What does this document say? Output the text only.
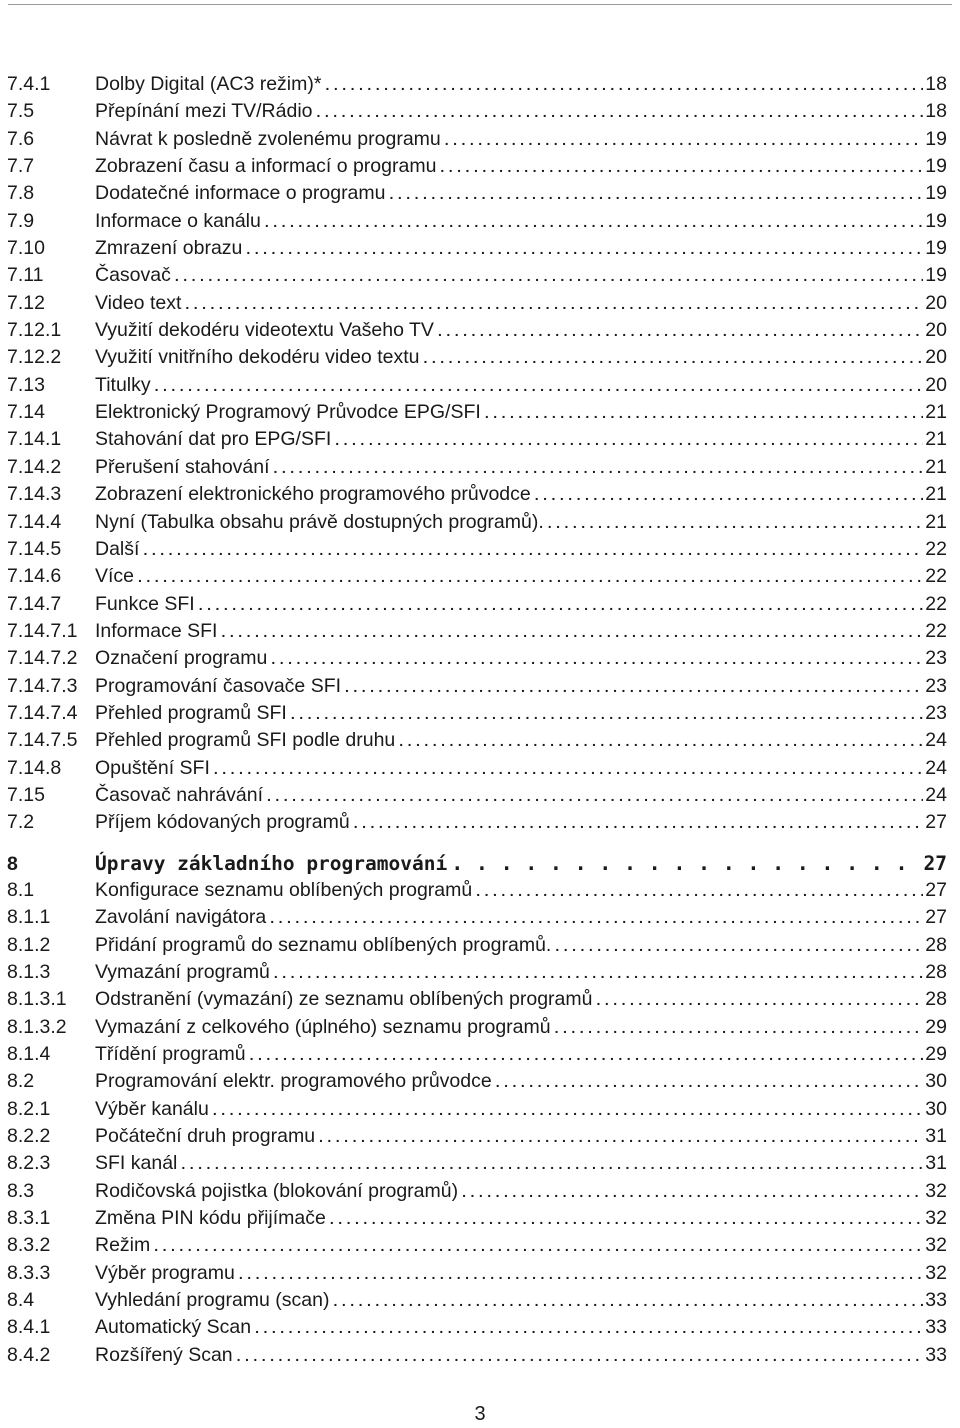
7.4.1	Dolby Digital (AC3 režim)* . . .	18
7.5	Přepínání mezi TV/Rádio . . .	18
7.6	Návrat k posledně zvolenému programu . . .	19
7.7	Zobrazení času a informací o programu . . .	19
7.8	Dodatečné informace o programu . . .	19
7.9	Informace o kanálu . . .	19
7.10	Zmrazení obrazu . . .	19
7.11	Časovač . . .	19
7.12	Video text . . .	20
7.12.1	Využití dekodéru videotextu Vašeho TV . . .	20
7.12.2	Využití vnitřního dekodéru video textu . . .	20
7.13	Titulky . . .	20
7.14	Elektronický Programový Průvodce EPG/SFI . . .	21
7.14.1	Stahování dat pro EPG/SFI . . .	21
7.14.2	Přerušení stahování . . .	21
7.14.3	Zobrazení elektronického programového průvodce . . .	21
7.14.4	Nyní (Tabulka obsahu právě dostupných programů). . . .	21
7.14.5	Další . . .	22
7.14.6	Více . . .	22
7.14.7	Funkce SFI . . .	22
7.14.7.1 Informace SFI . . .	22
7.14.7.2 Označení programu . . .	23
7.14.7.3 Programování časovače SFI . . .	23
7.14.7.4 Přehled programů SFI . . .	23
7.14.7.5 Přehled programů SFI podle druhu . . .	24
7.14.8	Opuštění SFI . . .	24
7.15	Časovač nahrávání . . .	24
7.2	Příjem kódovaných programů . . .	27
8	Úpravy základního programování . . .	27
8.1	Konfigurace seznamu oblíbených programů . . .	27
8.1.1	Zavolání navigátora . . .	27
8.1.2	Přidání programů do seznamu oblíbených programů. . . .	28
8.1.3	Vymazání programů . . .	28
8.1.3.1	Odstranění (vymazání) ze seznamu oblíbených programů . . .	28
8.1.3.2	Vymazání z celkového (úplného) seznamu programů . . .	29
8.1.4	Třídění programů . . .	29
8.2	Programování elektr. programového průvodce . . .	30
8.2.1	Výběr kanálu . . .	30
8.2.2	Počáteční druh programu . . .	31
8.2.3	SFI kanál . . .	31
8.3	Rodičovská pojistka (blokování programů) . . .	32
8.3.1	Změna PIN kódu přijímače . . .	32
8.3.2	Režim . . .	32
8.3.3	Výběr programu . . .	32
8.4	Vyhledání programu (scan) . . .	33
8.4.1	Automatický Scan . . .	33
8.4.2	Rozšířený Scan . . .	33
3
